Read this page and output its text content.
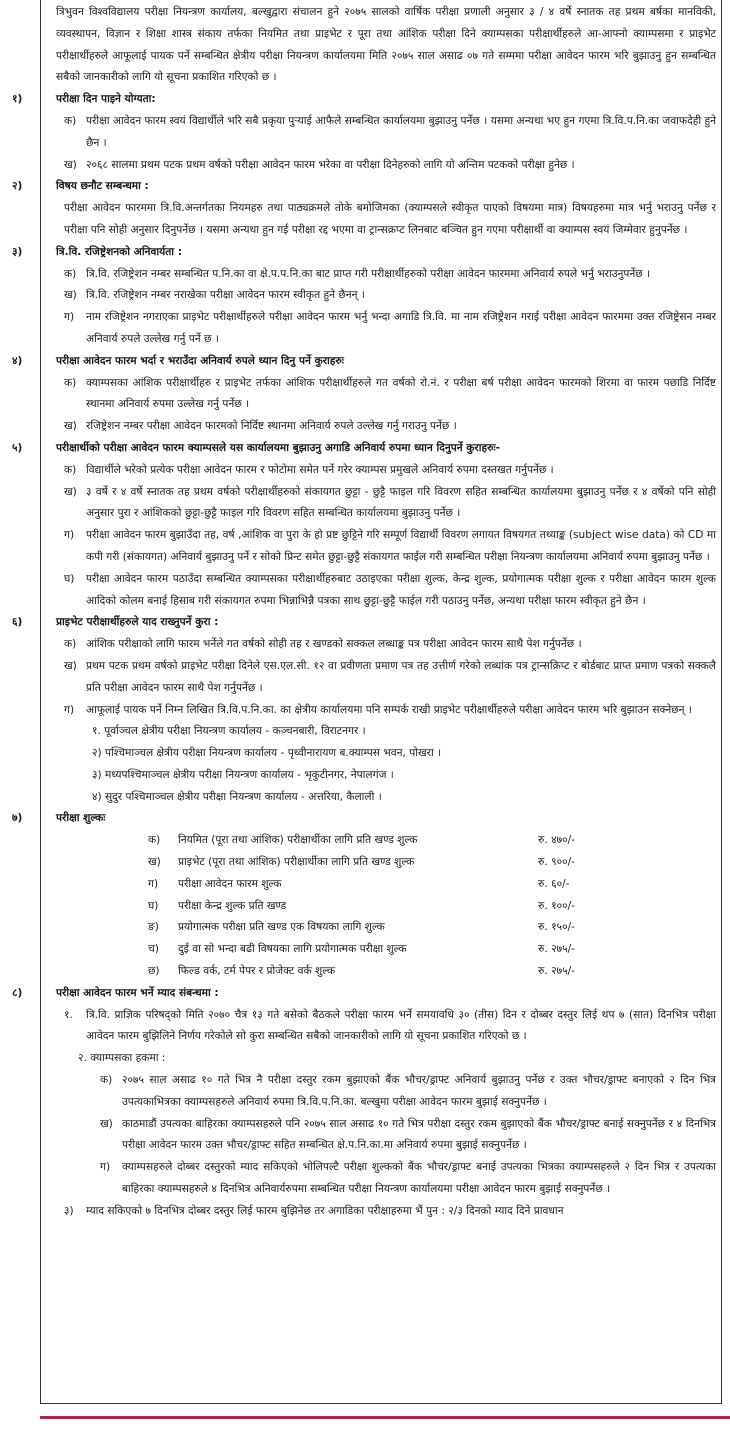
त्रिभुवन विश्वविद्यालय परीक्षा नियन्त्रण कार्यालय, बल्खुद्वारा संचालन हुने २०७५ सालको वार्षिक परीक्षा प्रणाली अनुसार ३ / ४ वर्षे स्नातक तह प्रथम बर्षका मानविकी, व्यवस्थापन, विज्ञान र शिक्षा शास्त्र संकाय तर्फका नियमित तथा प्राइभेट र पूरा तथा आंशिक परीक्षा दिने क्याम्पसका परीक्षार्थीहरुले आ-आफ्नो क्याम्पसमा र प्राइभेट परीक्षार्थीहरुले आफूलाई पायक पर्ने सम्बन्धित क्षेत्रीय परीक्षा नियन्त्रण कार्यालयमा मिति २०७५ साल असाढ ०७ गते सम्ममा परीक्षा आवेदन फारम भरि बुझाउनु हुन सम्बन्धित सबैको जानकारीको लागि यो सूचना प्रकाशित गरिएको छ ।

१)	परीक्षा दिन पाइने योग्यता:

क) परीक्षा आवेदन फारम स्वयं विद्यार्थीले भरि सबै प्रकृया पुऱ्याई आफैले सम्बन्धित कार्यालयमा बुझाउनु पर्नेछ । यसमा अन्यथा भए हुन गएमा त्रि.वि.प.नि.का जवाफदेही हुने छैन ।

ख) २०६८ सालमा प्रथम पटक प्रथम वर्षको परीक्षा आवेदन फारम भरेका वा परीक्षा दिनेहरुको लागि यो अन्तिम पटकको परीक्षा हुनेछ ।

२)	विषय छनौट सम्बन्धमा :

परीक्षा आवेदन फारममा त्रि.वि.अन्तर्गतका नियमहरु तथा पाठ्यक्रमले तोके बमोजिमका (क्याम्पसले स्वीकृत पाएको विषयमा मात्र) विषयहरुमा मात्र भर्नु भराउनु पर्नेछ र परीक्षा पनि सोही अनुसार दिनुपर्नेछ । यसमा अन्यथा हुन गई परीक्षा रद्द भएमा वा ट्रान्सक्रप्ट लिनबाट बञ्चित हुन गएमा परीक्षार्थी वा क्याम्पस स्वयं जिम्मेवार हुनुपर्नेछ ।

३)	त्रि.वि. रजिष्ट्रेशनको अनिवार्यता :

क) त्रि.वि. रजिष्ट्रेशन नम्बर सम्बन्धित प.नि.का वा क्षे.प.प.नि.का बाट प्राप्त गरी परीक्षार्थीहरुको परीक्षा आवेदन फारममा अनिवार्य रुपले भर्नु भराउनुपर्नेछ ।

ख) त्रि.वि. रजिष्ट्रेशन नम्बर नराखेका परीक्षा आवेदन फारम स्वीकृत हुने छैनन् ।

ग) नाम रजिष्ट्रेशन नगराएका प्राइभेट परीक्षार्थीहरुले परीक्षा आवेदन फारम भर्नु भन्दा अगाडि त्रि.वि. मा नाम रजिष्ट्रेशन गराई परीक्षा आवेदन फारममा उक्त रजिष्ट्रेसन नम्बर अनिवार्य रुपले उल्लेख गर्नु पर्ने छ ।

४)	परीक्षा आवेदन फारम भर्दा र भराउँदा अनिवार्य रुपले ध्यान दिनु पर्ने कुराहरुः

क) क्याम्पसका आंशिक परीक्षार्थीहरु र प्राइभेट तर्फका आंशिक परीक्षार्थीहरुले गत वर्षको रो.नं. र परीक्षा बर्ष परीक्षा आवेदन फारमको शिरमा वा फारम पछाडि निर्दिष्ट स्थानमा अनिवार्य रुपमा उल्लेख गर्नु पर्नेछ ।

ख) रजिष्ट्रेशन नम्बर परीक्षा आवेदन फारमको निर्दिष्ट स्थानमा अनिवार्य रुपले उल्लेख गर्नु गराउनु पर्नेछ ।

५)	परीक्षार्थीको परीक्षा आवेदन फारम क्याम्पसले यस कार्यालयमा बुझाउनु अगाडि अनिवार्य रुपमा ध्यान दिनुपर्ने कुराहरुः-

क) विद्यार्थीले भरेको प्रत्येक परीक्षा आवेदन फारम र फोटोमा समेत पर्ने गरेर क्याम्पस प्रमुखले अनिवार्य रुपमा दस्तखत गर्नुपर्नेछ ।

ख) ३ वर्षे र ४ वर्षे स्नातक तह प्रथम वर्षको परीक्षार्थीहरुको संकायगत छुट्टा - छुट्टै फाइल गरि विवरण सहित सम्बन्धित कार्यालयमा बुझाउनु पर्नेछ र ४ वर्षेको पनि सोही अनुसार पुरा र आंशिकको छुट्टा-छुट्टै फाइल गरि विवरण सहित सम्बन्धित कार्यालयमा बुझाउनु पर्नेछ ।

ग) परीक्षा आवेदन फारम बुझाउँदा तह, वर्ष ,आंशिक वा पुरा के हो प्रष्ट छुट्टिने गरि सम्पूर्ण विद्यार्थी विवरण लगायत विषयगत तथ्याङ्क (subject wise data) को CD मा कपी गरी (संकायगत) अनिवार्य बुझाउनु पर्ने र सोको प्रिन्ट समेत छुट्टा-छुट्टै संकायगत फाईल गरी सम्बन्धित परीक्षा नियन्त्रण कार्यालयमा अनिवार्य रुपमा बुझाउनु पर्नेछ ।

घ) परीक्षा आवेदन फारम पठाउँदा सम्बन्धित क्याम्पसका परीक्षार्थीहरुबाट उठाइएका परीक्षा शुल्क, केन्द्र शुल्क, प्रयोगात्मक परीक्षा शुल्क र परीक्षा आवेदन फारम शुल्क आदिको कोलम बनाई हिसाब गरी संकायगत रुपमा भिन्नाभिन्नै पत्रका साथ छुट्टा-छुट्टै फाईल गरी पठाउनु पर्नेछ, अन्यथा परीक्षा फारम स्वीकृत हुने छैन ।

६)	प्राइभेट परीक्षार्थीहरुले याद राख्नुपर्ने कुरा :

क) आंशिक परीक्षाको लागि फारम भर्नेले गत वर्षको सोही तह र खण्डको सक्कल लब्धाङ्क पत्र परीक्षा आवेदन फारम साथै पेश गर्नुपर्नेछ ।

ख) प्रथम पटक प्रथम वर्षको प्राइभेट परीक्षा दिनेले एस.एल.सी. १२ वा प्रवीणता प्रमाण पत्र तह उत्तीर्ण गरेको लब्धांक पत्र ट्रान्सक्रिप्ट र बोर्डबाट प्राप्त प्रमाण पत्रको सक्कलै प्रति परीक्षा आवेदन फारम साथै पेश गर्नुपर्नेछ ।

ग) आफूलाई पायक पर्ने निम्न लिखित त्रि.वि.प.नि.का. का क्षेत्रीय कार्यालयमा पनि सम्पर्क राखी प्राइभेट परीक्षार्थीहरुले परीक्षा आवेदन फारम भरि बुझाउन सक्नेछन् ।

१. पूर्वाञ्चल क्षेत्रीय परीक्षा नियन्त्रण कार्यालय - कञ्चनबारी, विराटनगर ।

२) पश्चिमाञ्चल क्षेत्रीय परीक्षा नियन्त्रण कार्यालय - पृथ्वीनारायण ब.क्याम्पस भवन, पोखरा ।

३) मध्यपश्चिमाञ्चल क्षेत्रीय परीक्षा नियन्त्रण कार्यालय - भृकुटीनगर, नेपालगंज ।

४) सुदुर पश्चिमाञ्चल क्षेत्रीय परीक्षा नियन्त्रण कार्यालय - अत्तरिया, कैलाली ।

७)	परीक्षा शुल्कः

क)	नियमित (पूरा तथा आंशिक) परीक्षार्थीका लागि प्रति खण्ड शुल्क	रु. ४७०/-
ख)	प्राइभेट (पूरा तथा आंशिक) परीक्षार्थीका लागि प्रति खण्ड शुल्क	रु. ९००/-
ग)	परीक्षा आवेदन फारम शुल्क	रु. ६०/-
घ)	परीक्षा केन्द्र शुल्क प्रति खण्ड	रु. १००/-
ङ)	प्रयोगात्मक परीक्षा प्रति खण्ड एक विषयका लागि शुल्क	रु. १५०/-
च)	दुई वा सो भन्दा बढी विषयका लागि प्रयोगात्मक परीक्षा शुल्क	रु. २७५/-
छ)	फिल्ड वर्क, टर्म पेपर र प्रोजेक्ट वर्क शुल्क	रु. २७५/-

८)	परीक्षा आवेदन फारम भर्ने म्याद संबन्धमा :

१. त्रि.वि. प्राज्ञिक परिषद्को मिति २०७० चैत्र १३ गते बसेको बैठकले परीक्षा फारम भर्ने समयावधि ३० (तीस) दिन र दोब्बर दस्तुर लिई थप ७ (सात) दिनभित्र परीक्षा आवेदन फारम बुझिलिने निर्णय गरेकोले सो कुरा सम्बन्धित सबैको जानकारीको लागि यो सूचना प्रकाशित गरिएको छ ।

२. क्याम्पसका हकमा :

क) २०७५ साल असाढ १० गते भित्र नै परीक्षा दस्तुर रकम बुझाएको बैंक भौचर/ड्राफ्ट अनिवार्य बुझाउनु पर्नेछ र उक्त भौचर/ड्राफ्ट बनाएको २ दिन भित्र उपत्यकाभित्रका क्याम्पसहरुले अनिवार्य रुपमा त्रि.वि.प.नि.का. बल्खुमा परीक्षा आवेदन फारम बुझाई सक्नुपर्नेछ ।

ख) काठमाडौं उपत्यका बाहिरका क्याम्पसहरुले पनि २०७५ साल असाढ १० गते भित्र परीक्षा दस्तुर रकम बुझाएको बैंक भौचर/ड्राफ्ट बनाई सक्नुपर्नेछ र ४ दिनभित्र परीक्षा आवेदन फारम उक्त भौचर/ड्राफ्ट सहित सम्बन्धित क्षे.प.नि.का.मा अनिवार्य रुपमा बुझाई सक्नुपर्नेछ ।

ग) क्याम्पसहरुले दोब्बर दस्तुरको म्याद सकिएको भोलिपल्टै परीक्षा शुल्कको बैंक भौचर/ड्राफ्ट बनाई उपत्यका भित्रका क्याम्पसहरुले २ दिन भित्र र उपत्यका बाहिरका क्याम्पसहरुले ४ दिनभित्र अनिवार्यरुपमा सम्बन्धित परीक्षा नियन्त्रण कार्यालयमा परीक्षा आवेदन फारम बुझाई सक्नुपर्नेछ ।

३) म्याद सकिएको ७ दिनभित्र दोब्बर दस्तुर लिई फारम बुझिनेछ तर अगाडिका परीक्षाहरुमा भैं पुन : २/३ दिनको म्याद दिने प्रावधान
